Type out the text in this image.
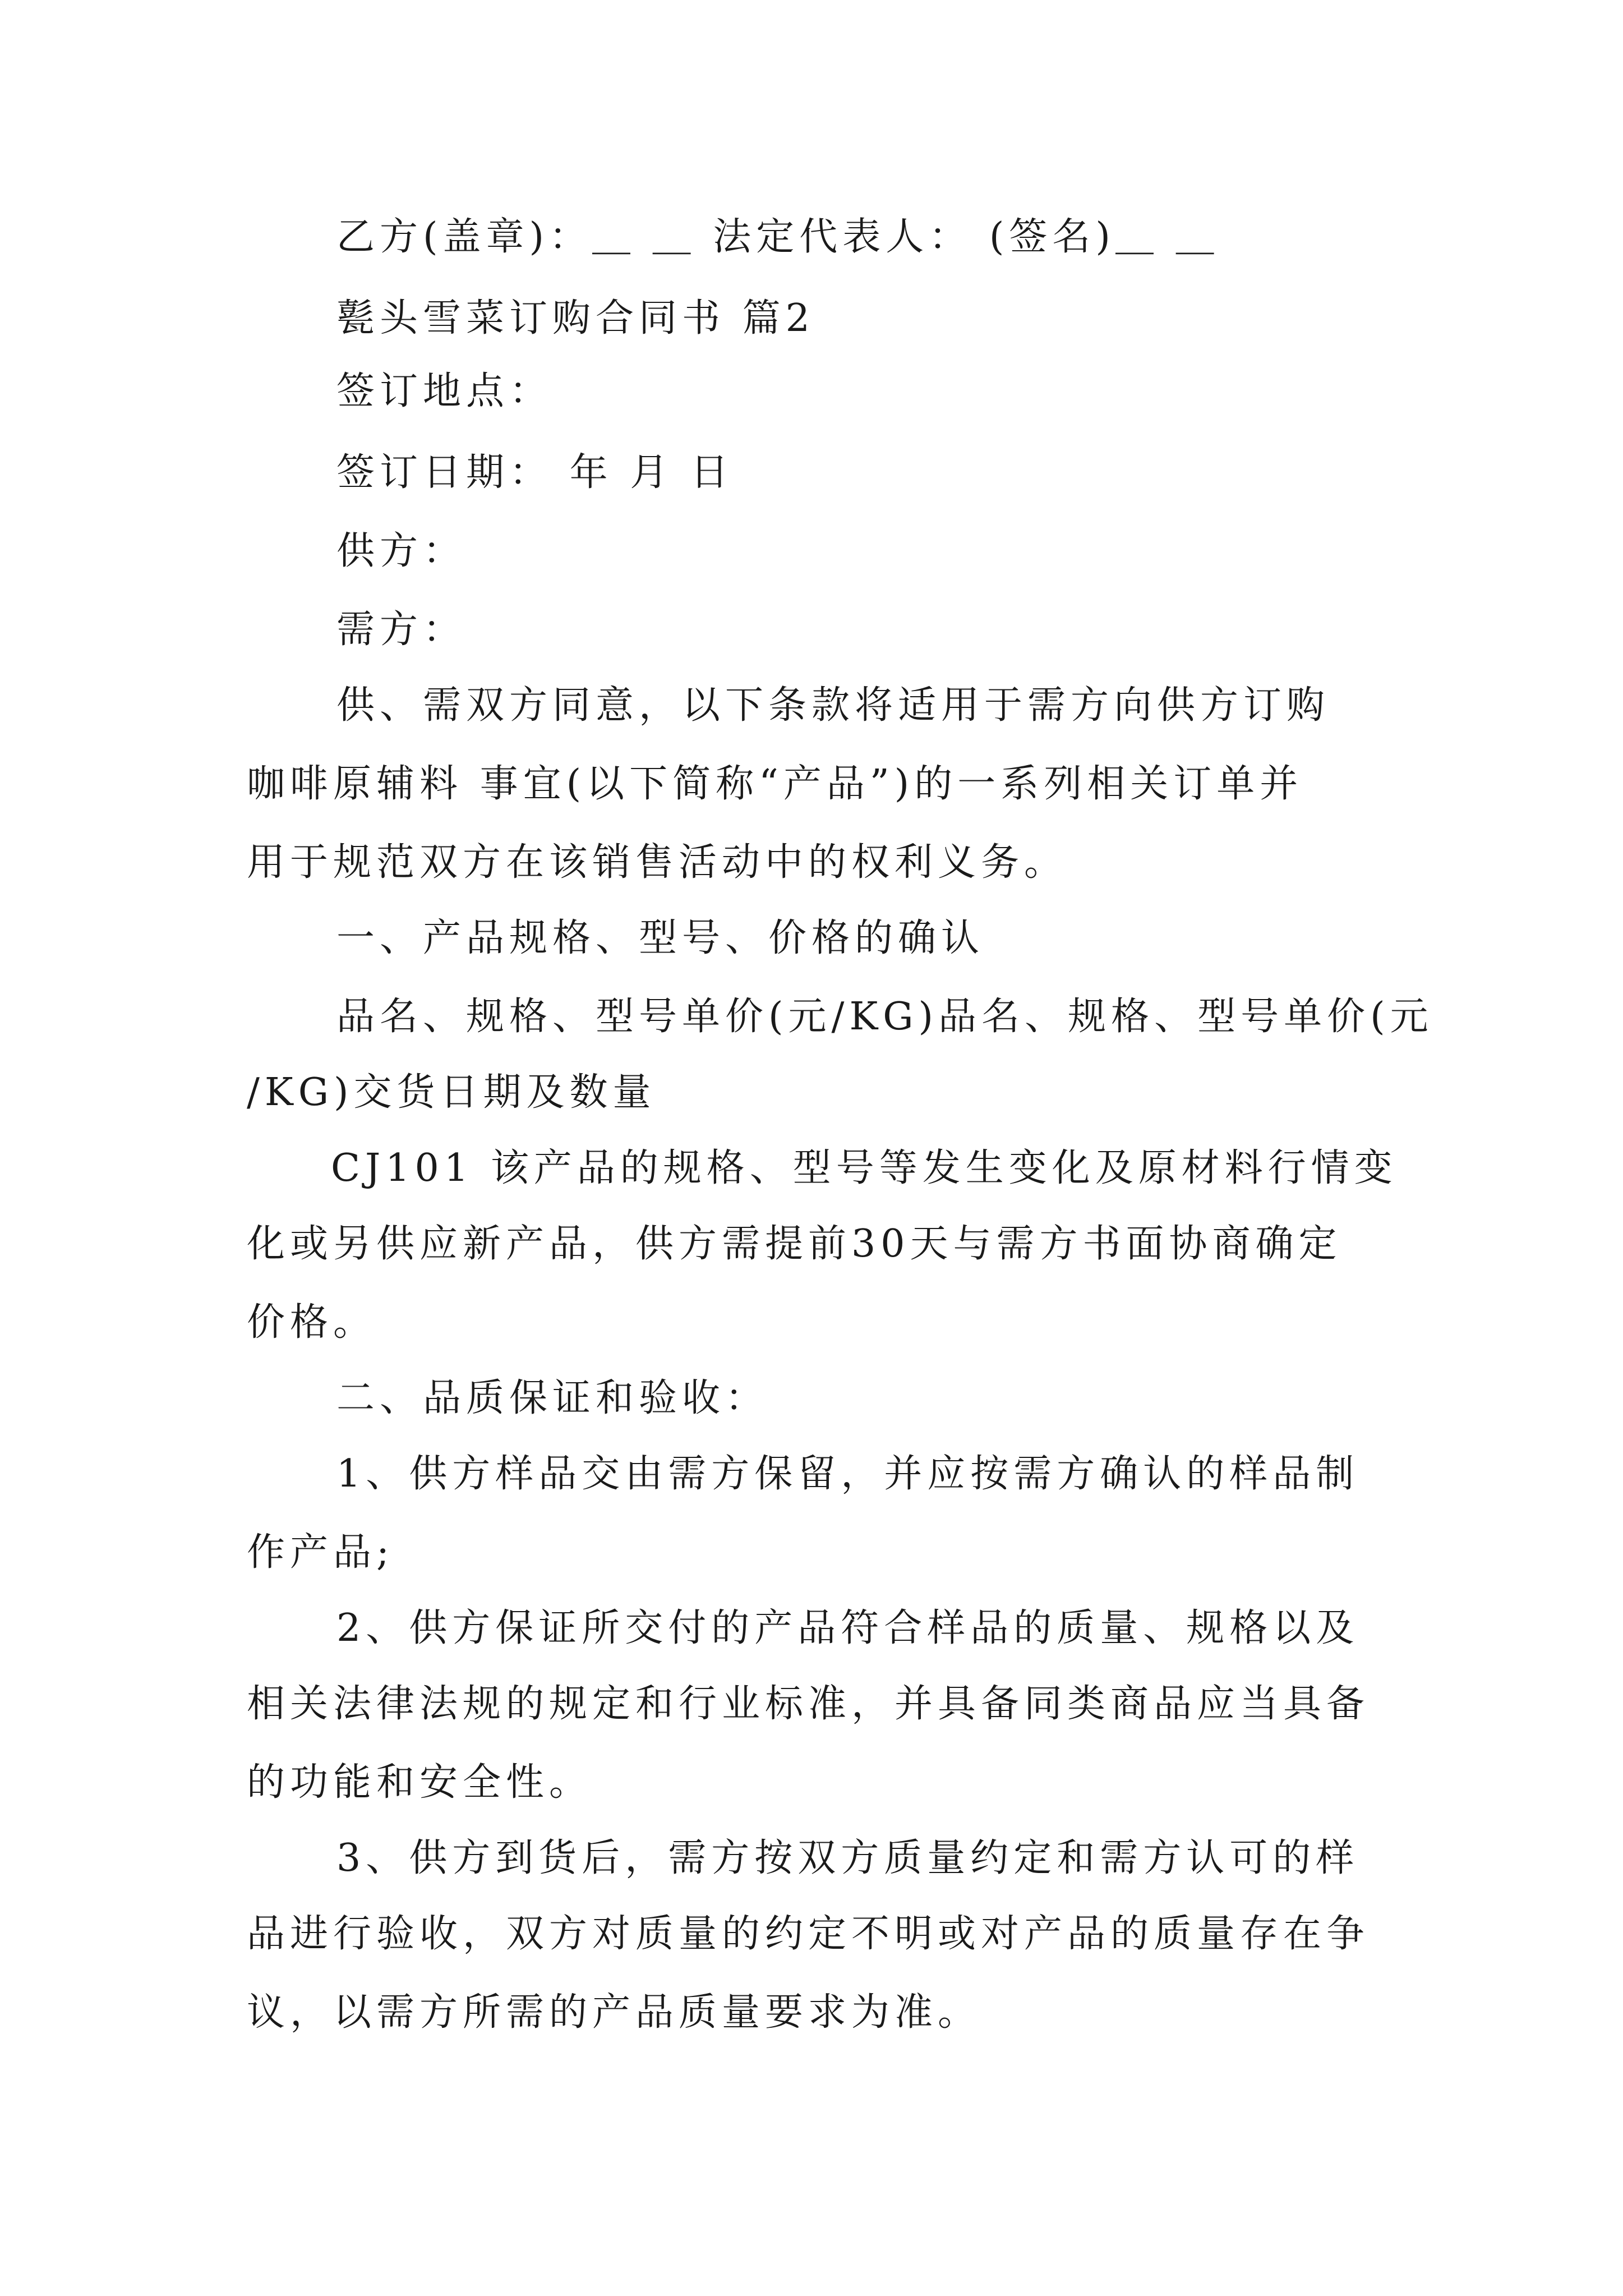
乙方(盖章)：＿ ＿ 法定代表人： (签名)＿ ＿
甏头雪菜订购合同书 篇2
签订地点：
签订日期： 年 月 日
供方：
需方：
供、需双方同意，以下条款将适用于需方向供方订购
咖啡原辅料 事宜(以下简称“产品”)的一系列相关订单并
用于规范双方在该销售活动中的权利义务。
一、产品规格、型号、价格的确认
品名、规格、型号单价(元/KG)品名、规格、型号单价(元
/KG)交货日期及数量
CJ101 该产品的规格、型号等发生变化及原材料行情变
化或另供应新产品，供方需提前30天与需方书面协商确定
价格。
二、品质保证和验收：
1、供方样品交由需方保留，并应按需方确认的样品制
作产品;
2、供方保证所交付的产品符合样品的质量、规格以及
相关法律法规的规定和行业标准，并具备同类商品应当具备
的功能和安全性。
3、供方到货后，需方按双方质量约定和需方认可的样
品进行验收，双方对质量的约定不明或对产品的质量存在争
议，以需方所需的产品质量要求为准。
